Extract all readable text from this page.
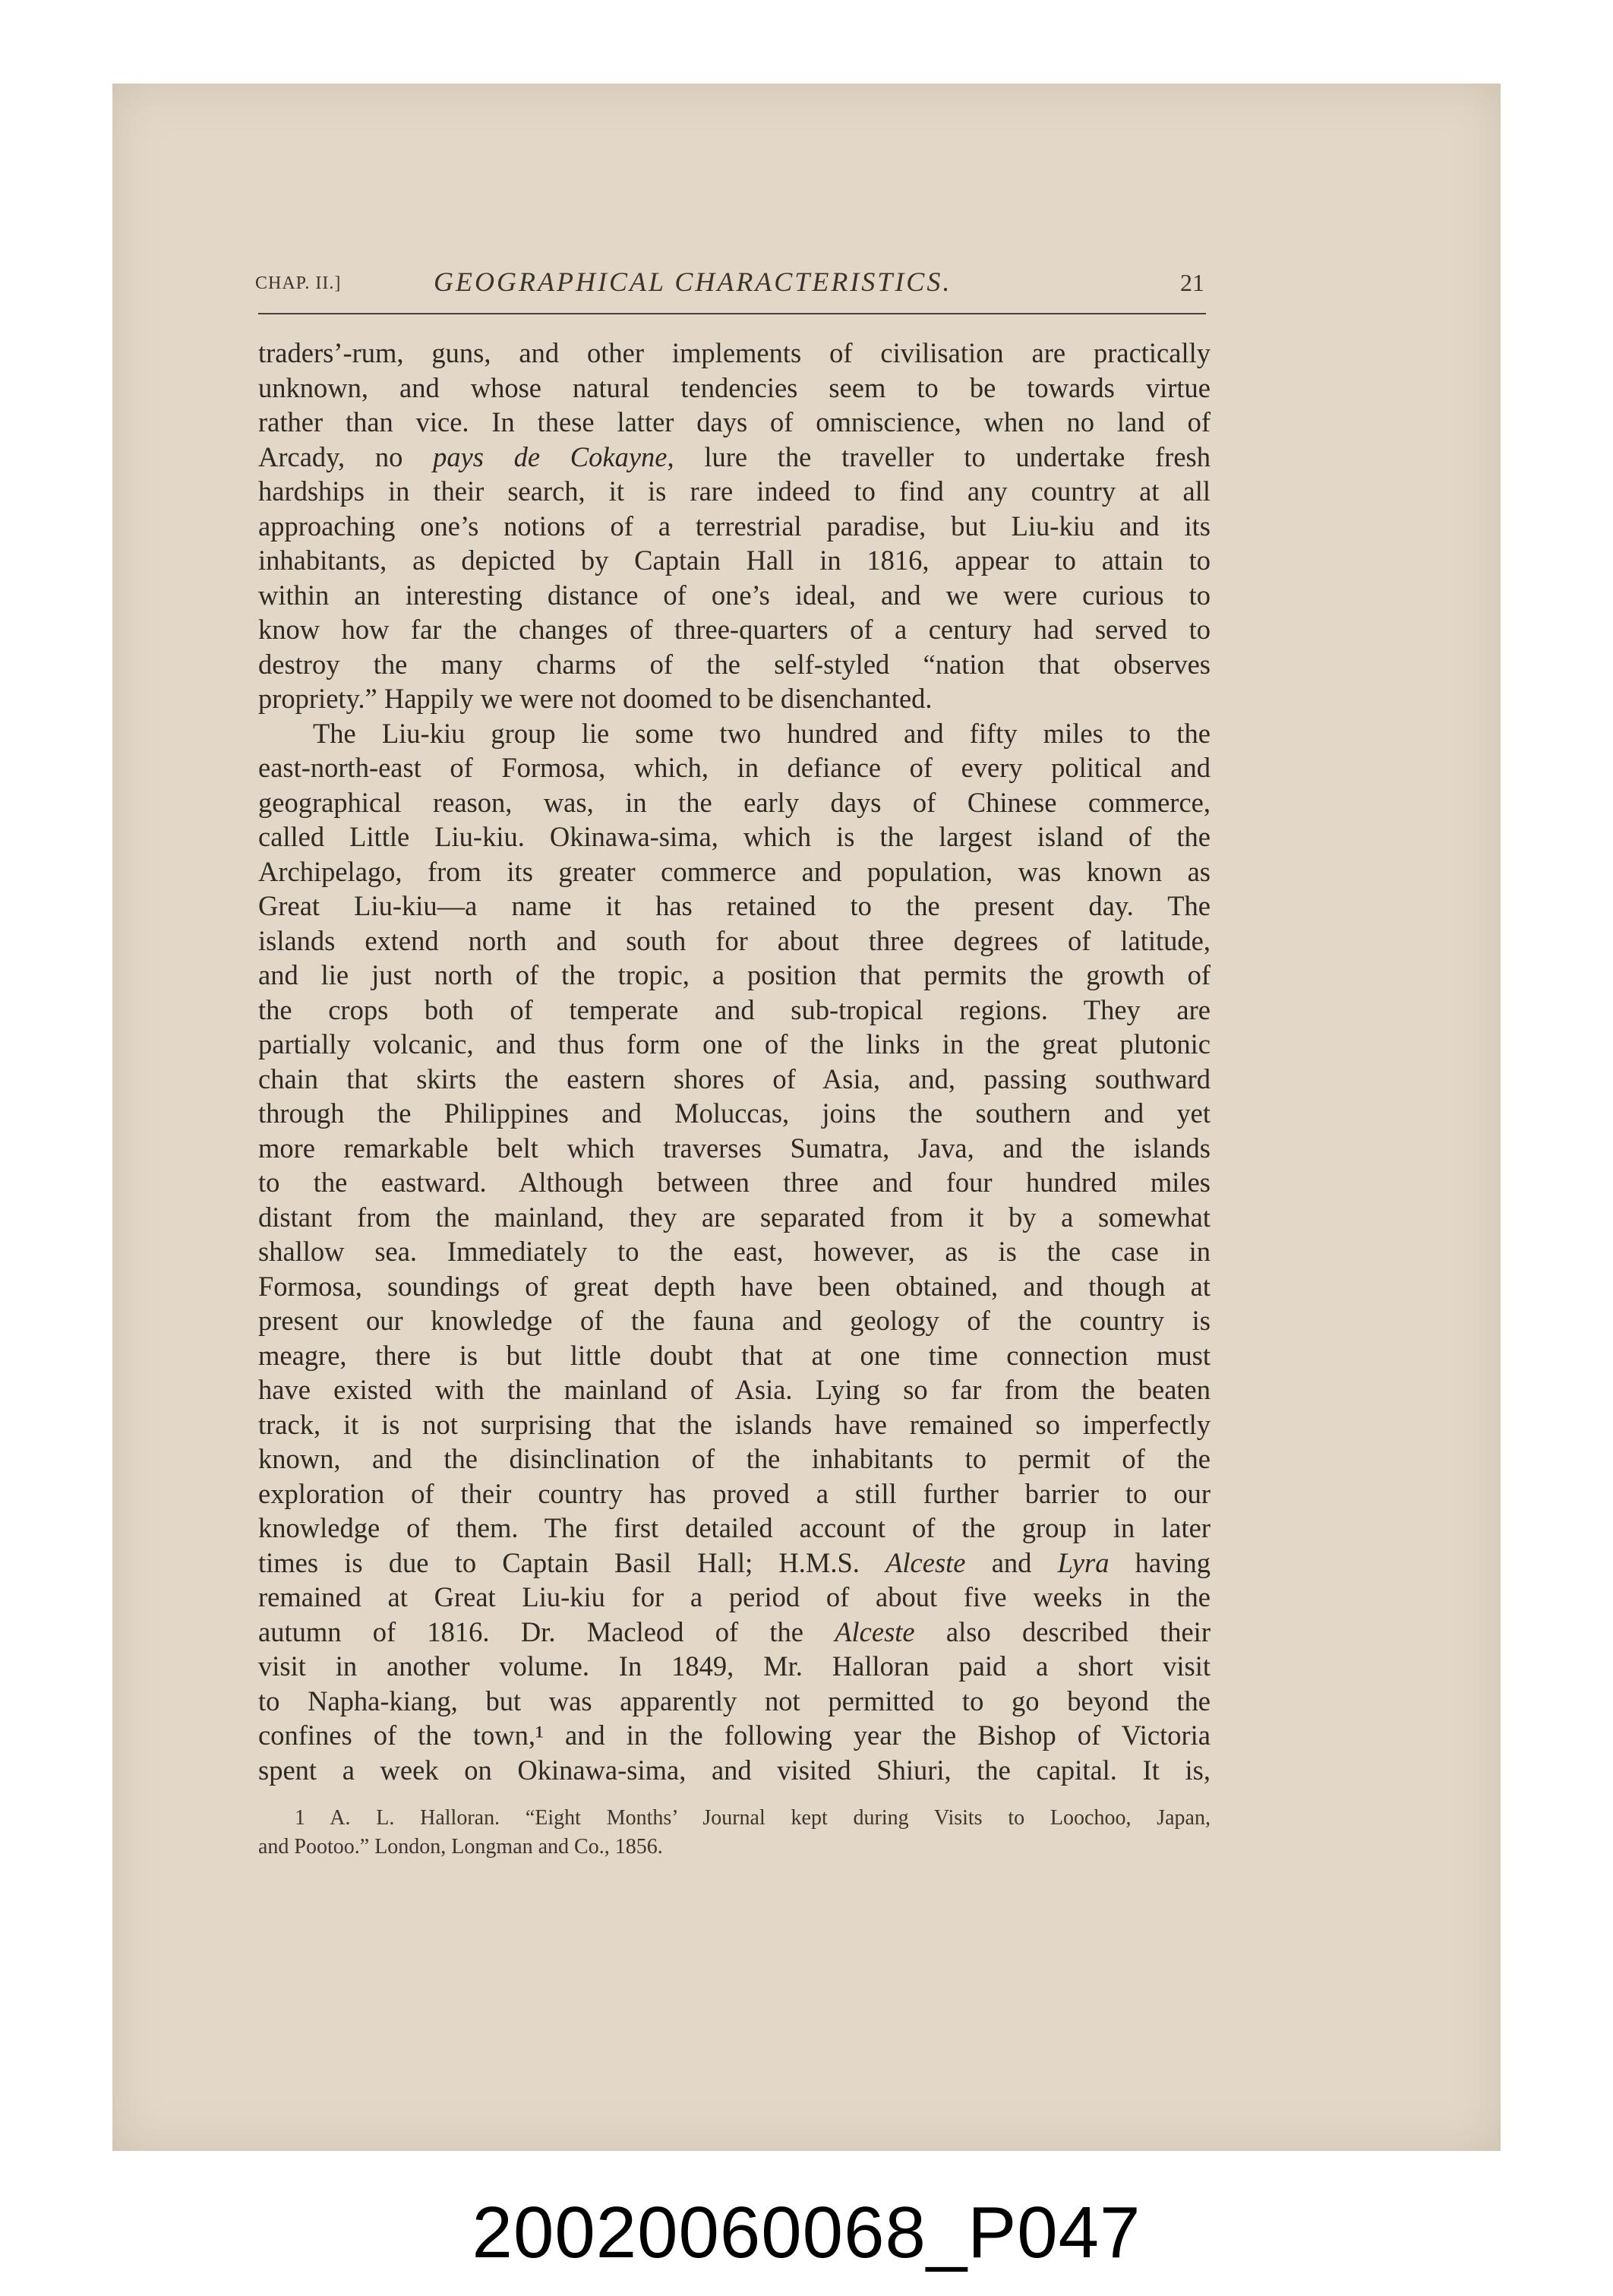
CHAP. II.]	GEOGRAPHICAL CHARACTERISTICS.	21
traders’-rum, guns, and other implements of civilisation are practically
unknown, and whose natural tendencies seem to be towards virtue
rather than vice. In these latter days of omniscience, when no land of
Arcady, no pays de Cokayne, lure the traveller to undertake fresh
hardships in their search, it is rare indeed to find any country at all
approaching one’s notions of a terrestrial paradise, but Liu-kiu and its
inhabitants, as depicted by Captain Hall in 1816, appear to attain to
within an interesting distance of one’s ideal, and we were curious to
know how far the changes of three-quarters of a century had served to
destroy the many charms of the self-styled “nation that observes
propriety.” Happily we were not doomed to be disenchanted.
The Liu-kiu group lie some two hundred and fifty miles to the
east-north-east of Formosa, which, in defiance of every political and
geographical reason, was, in the early days of Chinese commerce,
called Little Liu-kiu. Okinawa-sima, which is the largest island of the
Archipelago, from its greater commerce and population, was known as
Great Liu-kiu—a name it has retained to the present day. The
islands extend north and south for about three degrees of latitude,
and lie just north of the tropic, a position that permits the growth of
the crops both of temperate and sub-tropical regions. They are
partially volcanic, and thus form one of the links in the great plutonic
chain that skirts the eastern shores of Asia, and, passing southward
through the Philippines and Moluccas, joins the southern and yet
more remarkable belt which traverses Sumatra, Java, and the islands
to the eastward. Although between three and four hundred miles
distant from the mainland, they are separated from it by a somewhat
shallow sea. Immediately to the east, however, as is the case in
Formosa, soundings of great depth have been obtained, and though at
present our knowledge of the fauna and geology of the country is
meagre, there is but little doubt that at one time connection must
have existed with the mainland of Asia. Lying so far from the beaten
track, it is not surprising that the islands have remained so imperfectly
known, and the disinclination of the inhabitants to permit of the
exploration of their country has proved a still further barrier to our
knowledge of them. The first detailed account of the group in later
times is due to Captain Basil Hall; H.M.S. Alceste and Lyra having
remained at Great Liu-kiu for a period of about five weeks in the
autumn of 1816. Dr. Macleod of the Alceste also described their
visit in another volume. In 1849, Mr. Halloran paid a short visit
to Napha-kiang, but was apparently not permitted to go beyond the
confines of the town,¹ and in the following year the Bishop of Victoria
spent a week on Okinawa-sima, and visited Shiuri, the capital. It is,
1 A. L. Halloran. “Eight Months’ Journal kept during Visits to Loochoo, Japan,
and Pootoo.” London, Longman and Co., 1856.
20020060068_P047
